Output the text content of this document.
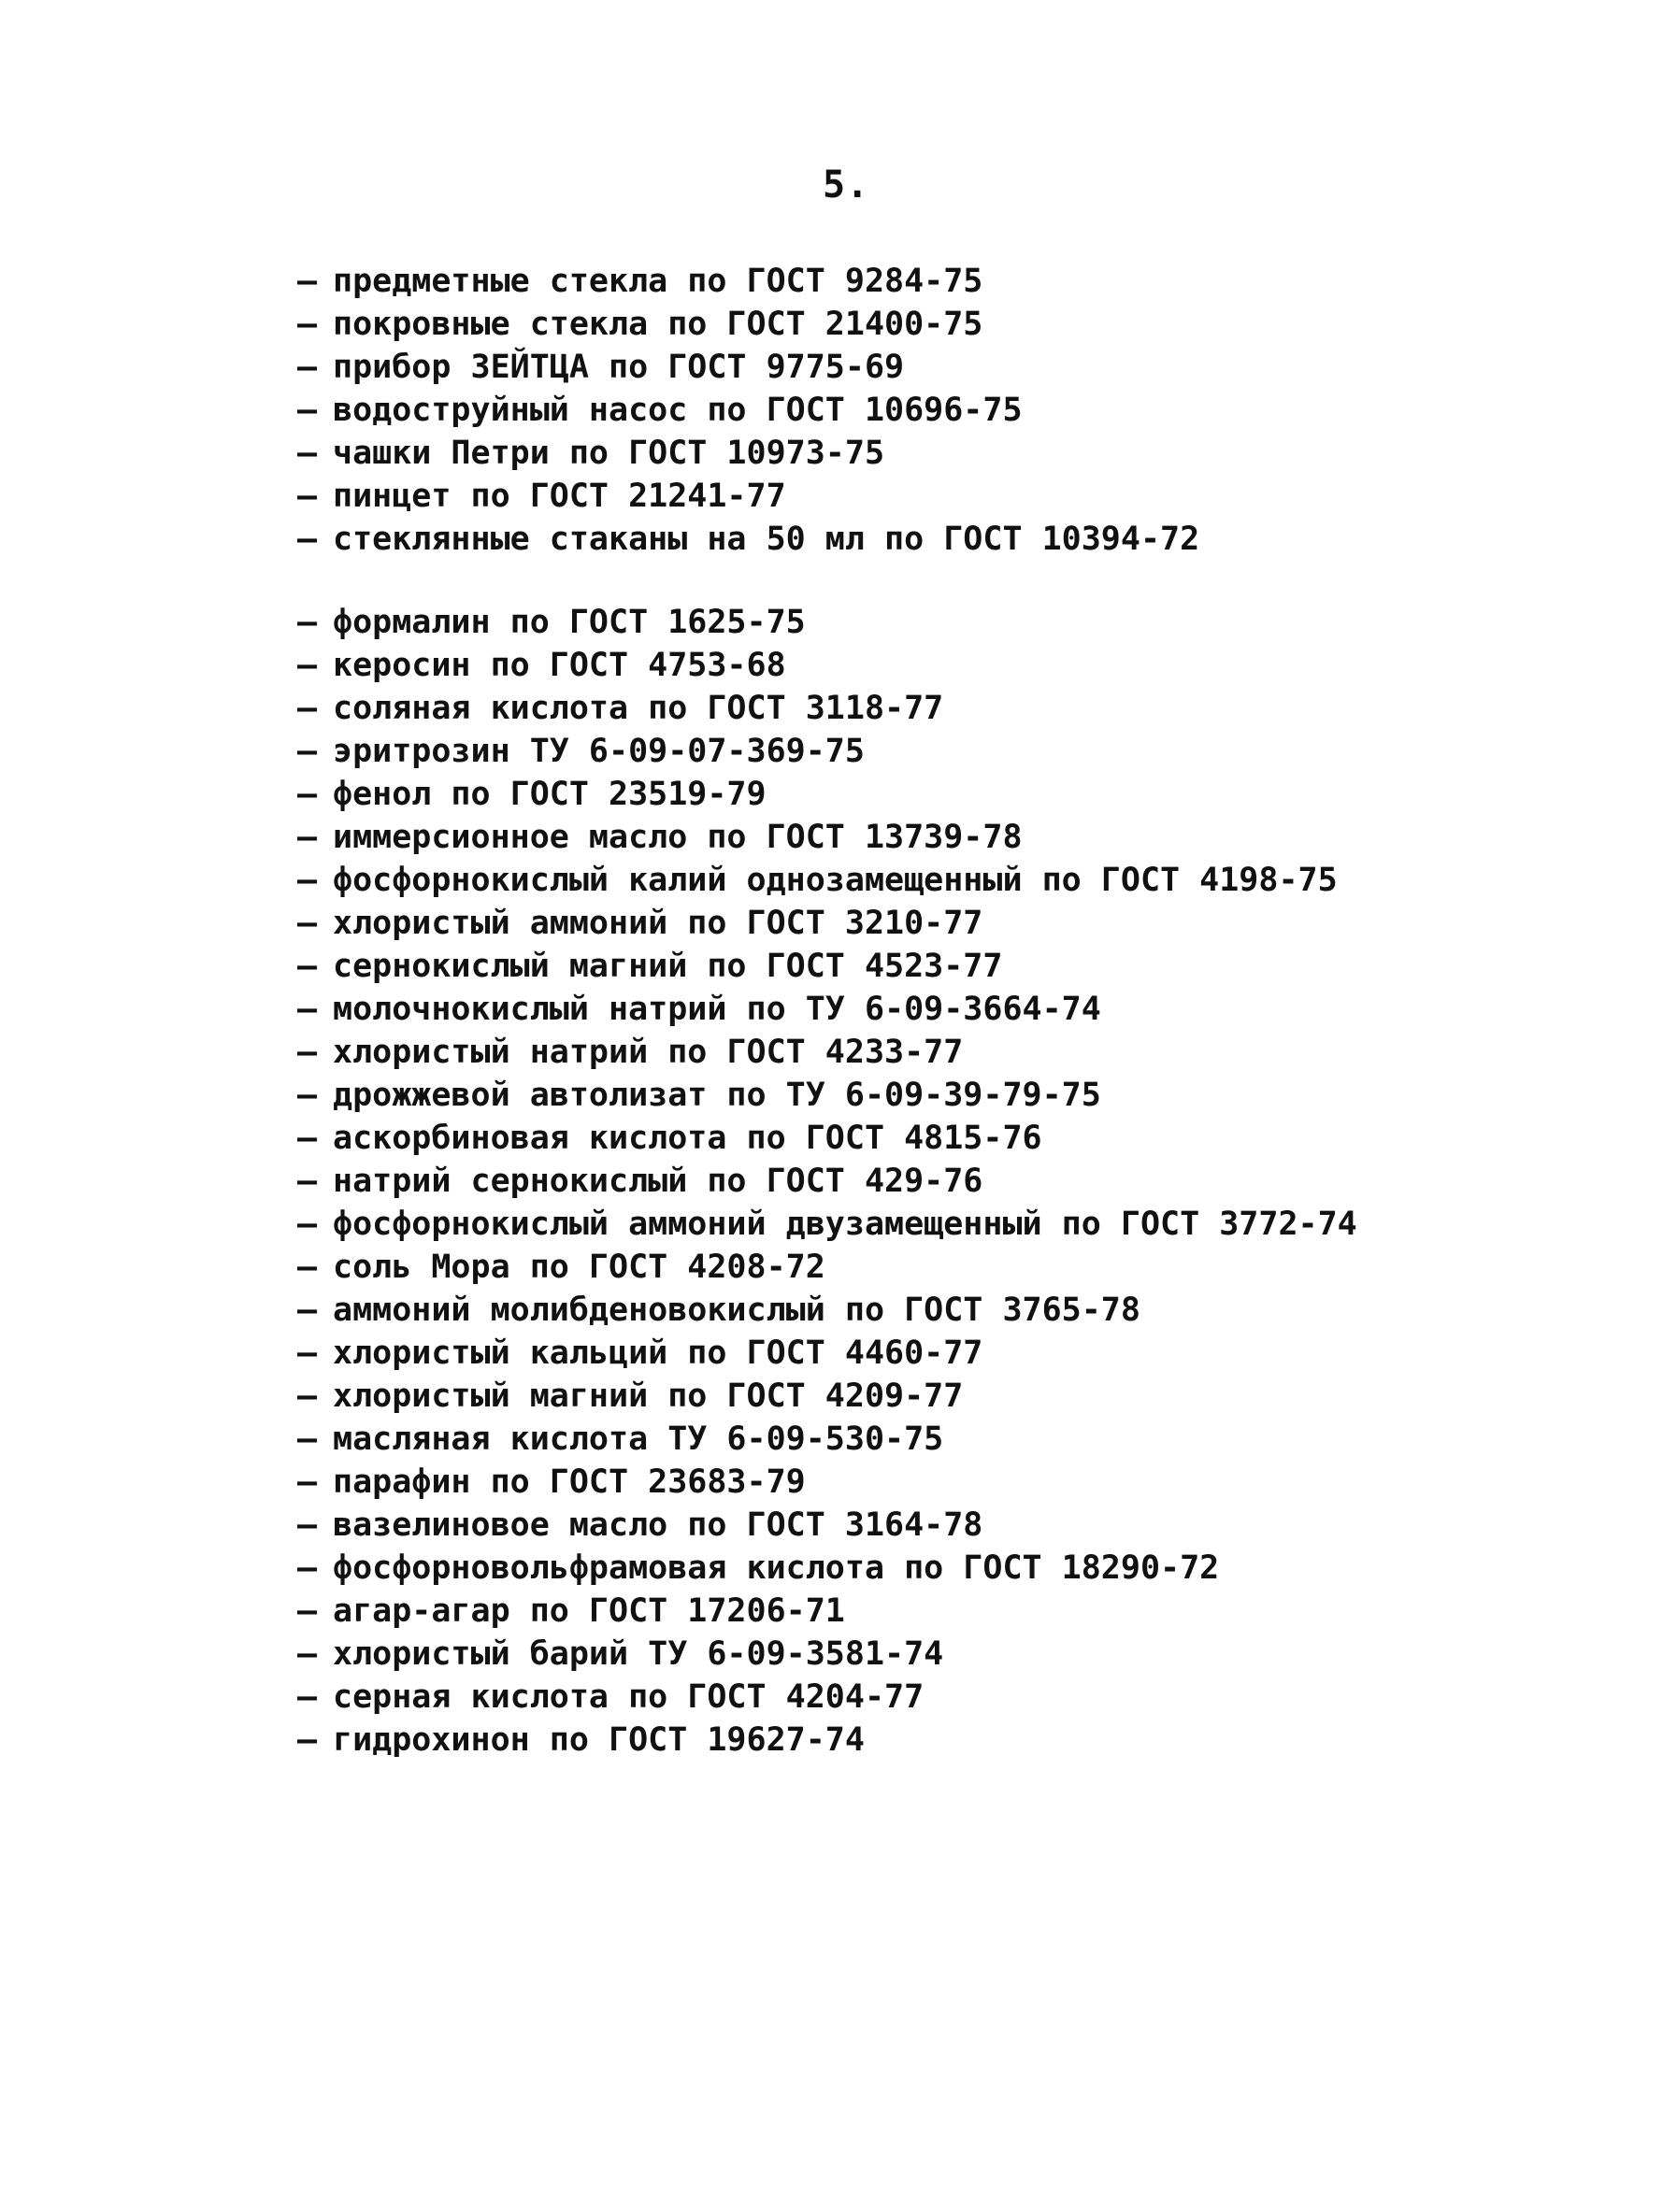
5.
– предметные стекла по ГОСТ 9284-75
– покровные стекла по ГОСТ 21400-75
– прибор ЗЕЙТЦА по ГОСТ 9775-69
– водоструйный насос по ГОСТ 10696-75
– чашки Петри по ГОСТ 10973-75
– пинцет по ГОСТ 21241-77
– стеклянные стаканы на 50 мл по ГОСТ 10394-72
– формалин по ГОСТ 1625-75
– керосин по ГОСТ 4753-68
– соляная кислота по ГОСТ 3118-77
– эритрозин ТУ 6-09-07-369-75
– фенол по ГОСТ 23519-79
– иммерсионное масло по ГОСТ 13739-78
– фосфорнокислый калий однозамещенный по ГОСТ 4198-75
– хлористый аммоний по ГОСТ 3210-77
– сернокислый магний по ГОСТ 4523-77
– молочнокислый натрий по ТУ 6-09-3664-74
– хлористый натрий по ГОСТ 4233-77
– дрожжевой автолизат по ТУ 6-09-39-79-75
– аскорбиновая кислота по ГОСТ 4815-76
– натрий сернокислый по ГОСТ 429-76
– фосфорнокислый аммоний двузамещенный по ГОСТ 3772-74
– соль Мора по ГОСТ 4208-72
– аммоний молибденовокислый по ГОСТ 3765-78
– хлористый кальций по ГОСТ 4460-77
– хлористый магний по ГОСТ 4209-77
– масляная кислота ТУ 6-09-530-75
– парафин по ГОСТ 23683-79
– вазелиновое масло по ГОСТ 3164-78
– фосфорновольфрамовая кислота по ГОСТ 18290-72
– агар-агар по ГОСТ 17206-71
– хлористый барий ТУ 6-09-3581-74
– серная кислота по ГОСТ 4204-77
– гидрохинон по ГОСТ 19627-74
